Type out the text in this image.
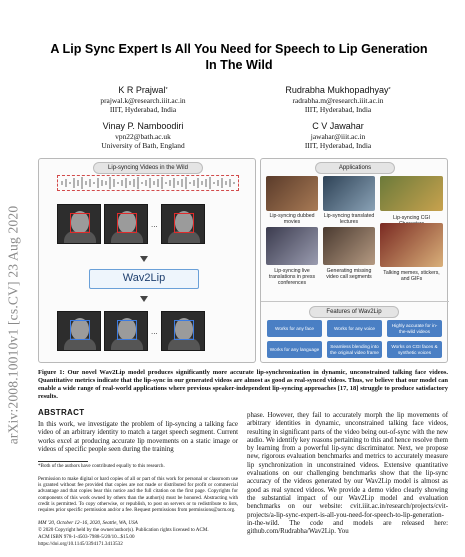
arXiv:2008.10010v1 [cs.CV] 23 Aug 2020
A Lip Sync Expert Is All You Need for Speech to Lip Generation
In The Wild
K R Prajwal*
prajwal.k@research.iiit.ac.in
IIIT, Hyderabad, India
Rudrabha Mukhopadhyay*
radrabha.m@research.iiit.ac.in
IIIT, Hyderabad, India
Vinay P. Namboodiri
vpn22@bath.ac.uk
University of Bath, England
C V Jawahar
jawahar@iiit.ac.in
IIIT, Hyderabad, India
Lip-syncing Videos in the Wild
...
Wav2Lip
...
Applications
Lip-syncing dubbed movies
Lip-syncing translated lectures
Lip-syncing CGI
Lip-syncing live translations in press conferences
Generating missing video call segments
Talking memes, stickers, and GIFs
Features of Wav2Lip
Works for any face	Works for any voice
Highly accurate for in-the-wild videos
Works for any language
Seamless blending into the original video frame
Works on CGI faces & synthetic voices
Figure 1: Our novel Wav2Lip model produces significantly more accurate lip-synchronization in dynamic, unconstrained talking face videos. Quantitative metrics indicate that the lip-sync in our generated videos are almost as good as real-synced videos. Thus, we believe that our model can enable a wide range of real-world applications where previous speaker-independent lip-syncing approaches [17, 18] struggle to produce satisfactory results.
ABSTRACT
In this work, we investigate the problem of lip-syncing a talking face video of an arbitrary identity to match a target speech segment. Current works excel at producing accurate lip movements on a static image or videos of specific people seen during the training
*Both of the authors have contributed equally to this research.
Permission to make digital or hard copies of all or part of this work for personal or classroom use is granted without fee provided that copies are not made or distributed for profit or commercial advantage and that copies bear this notice and the full citation on the first page. Copyrights for components of this work owned by others than the author(s) must be honored. Abstracting with credit is permitted. To copy otherwise, or republish, to post on servers or to redistribute to lists, requires prior specific permission and/or a fee. Request permissions from permissions@acm.org.
MM '20, October 12–16, 2020, Seattle, WA, USA
© 2020 Copyright held by the owner/author(s). Publication rights licensed to ACM.
ACM ISBN 978-1-4503-7988-5/20/10...$15.00
https://doi.org/10.1145/3394171.3413532
phase. However, they fail to accurately morph the lip movements of arbitrary identities in dynamic, unconstrained talking face videos, resulting in significant parts of the video being out-of-sync with the new audio. We identify key reasons pertaining to this and hence resolve them by learning from a powerful lip-sync discriminator. Next, we propose new, rigorous evaluation benchmarks and metrics to accurately measure lip synchronization in unconstrained videos. Extensive quantitative evaluations on our challenging benchmarks show that the lip-sync accuracy of the videos generated by our Wav2Lip model is almost as good as real synced videos. We provide a demo video clearly showing the substantial impact of our Wav2Lip model and evaluation benchmarks on our website: cvit.iiit.ac.in/research/projects/cvit-projects/a-lip-sync-expert-is-all-you-need-for-speech-to-lip-generation-in-the-wild. The code and models are released here: github.com/Rudrabha/Wav2Lip. You
